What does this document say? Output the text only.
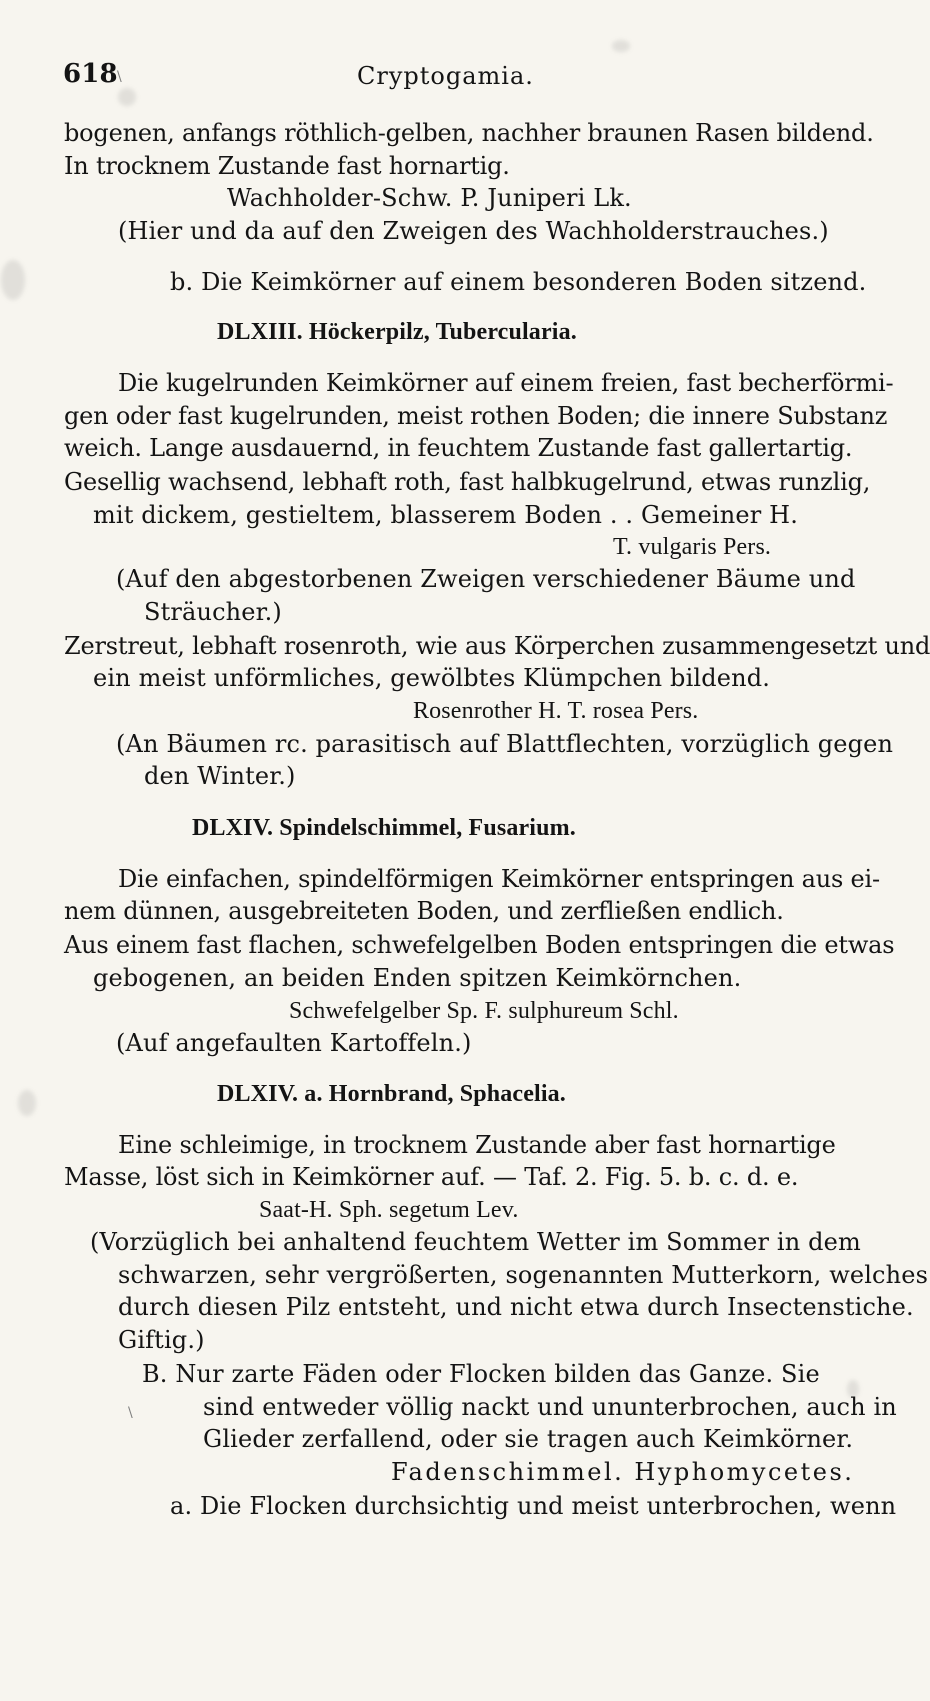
618	Cryptogamia.
bogenen, anfangs röthlich-gelben, nachher braunen Rasen bildend.
In trocknem Zustande fast hornartig.
Wachholder-Schw. P. Juniperi Lk.
(Hier und da auf den Zweigen des Wachholderstrauches.)
b. Die Keimkörner auf einem besonderen Boden sitzend.
DLXIII. Höckerpilz, Tubercularia.
Die kugelrunden Keimkörner auf einem freien, fast becherförmi-
gen oder fast kugelrunden, meist rothen Boden; die innere Substanz
weich. Lange ausdauernd, in feuchtem Zustande fast gallertartig.
Gesellig wachsend, lebhaft roth, fast halbkugelrund, etwas runzlig,
mit dickem, gestieltem, blasserem Boden . . Gemeiner H.
T. vulgaris Pers.
(Auf den abgestorbenen Zweigen verschiedener Bäume und
Sträucher.)
Zerstreut, lebhaft rosenroth, wie aus Körperchen zusammengesetzt und
ein meist unförmliches, gewölbtes Klümpchen bildend.
Rosenrother H. T. rosea Pers.
(An Bäumen rc. parasitisch auf Blattflechten, vorzüglich gegen
den Winter.)
DLXIV. Spindelschimmel, Fusarium.
Die einfachen, spindelförmigen Keimkörner entspringen aus ei-
nem dünnen, ausgebreiteten Boden, und zerfließen endlich.
Aus einem fast flachen, schwefelgelben Boden entspringen die etwas
gebogenen, an beiden Enden spitzen Keimkörnchen.
Schwefelgelber Sp. F. sulphureum Schl.
(Auf angefaulten Kartoffeln.)
DLXIV. a. Hornbrand, Sphacelia.
Eine schleimige, in trocknem Zustande aber fast hornartige
Masse, löst sich in Keimkörner auf. — Taf. 2. Fig. 5. b. c. d. e.
Saat-H. Sph. segetum Lev.
(Vorzüglich bei anhaltend feuchtem Wetter im Sommer in dem
schwarzen, sehr vergrößerten, sogenannten Mutterkorn, welches
durch diesen Pilz entsteht, und nicht etwa durch Insectenstiche.
Giftig.)
B. Nur zarte Fäden oder Flocken bilden das Ganze. Sie
sind entweder völlig nackt und ununterbrochen, auch in
Glieder zerfallend, oder sie tragen auch Keimkörner.
Fadenschimmel. Hyphomycetes.
a. Die Flocken durchsichtig und meist unterbrochen, wenn
\
\
